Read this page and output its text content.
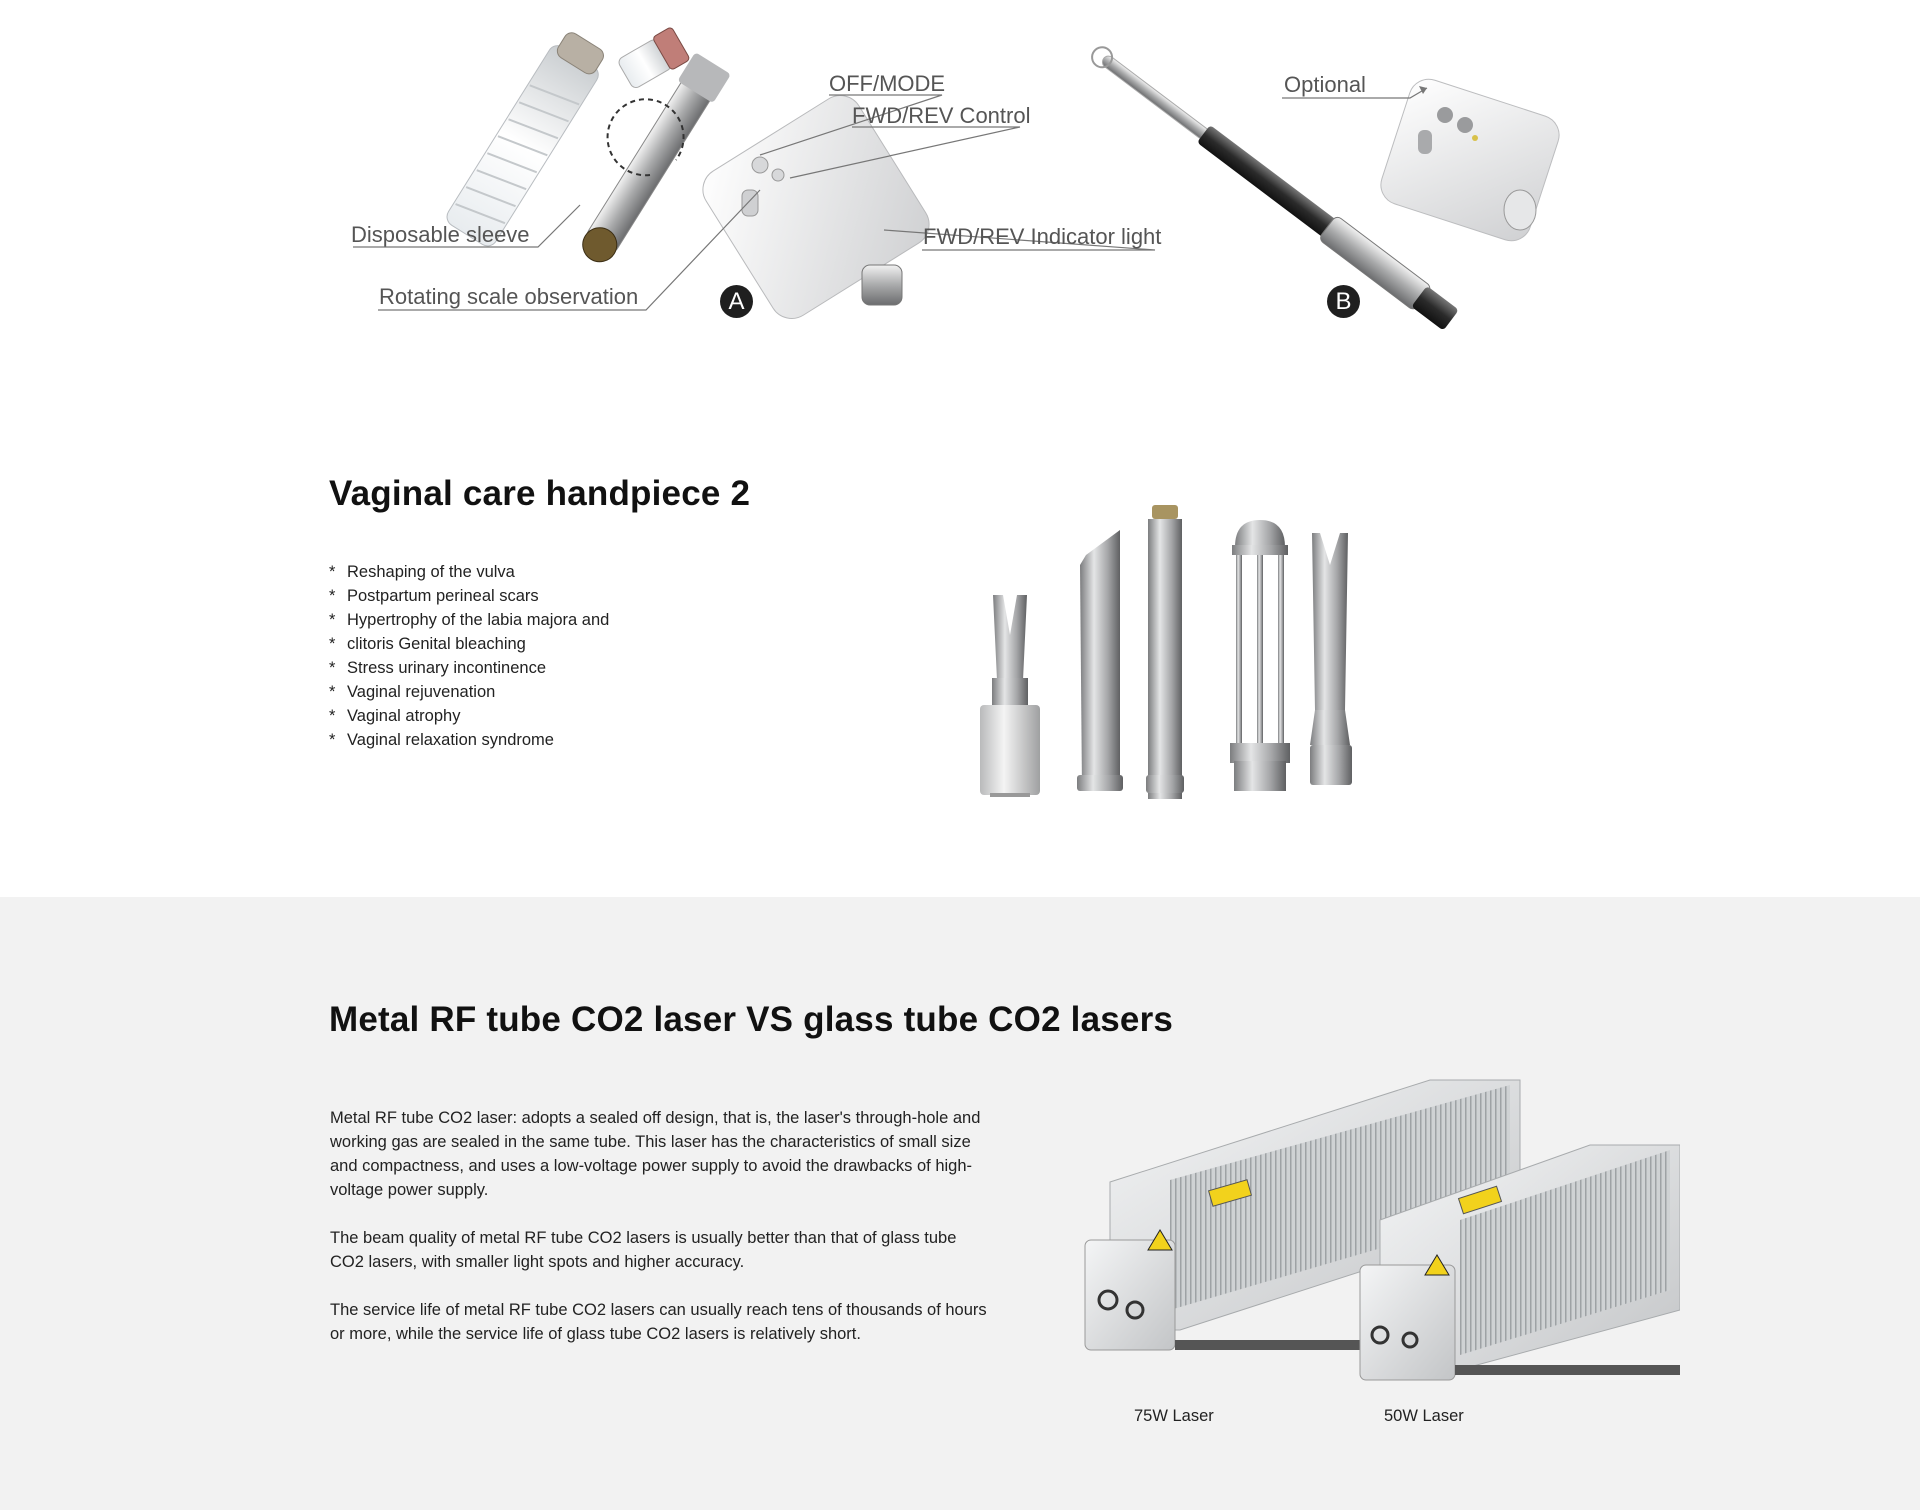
OFF/MODE
FWD/REV Control
Disposable sleeve	FWD/REV Indicator light
Rotating scale observation
Optional
A	B
Vaginal care handpiece 2
* Reshaping of the vulva
* Postpartum perineal scars
* Hypertrophy of the labia majora and
* clitoris Genital bleaching
* Stress urinary incontinence
* Vaginal rejuvenation
* Vaginal atrophy
* Vaginal relaxation syndrome
Metal RF tube CO2 laser VS glass tube CO2 lasers

Metal RF tube CO2 laser: adopts a sealed off design, that is, the laser's through-hole and working gas are sealed in the same tube. This laser has the characteristics of small size and compactness, and uses a low-voltage power supply to avoid the drawbacks of high-voltage power supply.

The beam quality of metal RF tube CO2 lasers is usually better than that of glass tube CO2 lasers, with smaller light spots and higher accuracy.

The service life of metal RF tube CO2 lasers can usually reach tens of thousands of hours or more, while the service life of glass tube CO2 lasers is relatively short.

75W Laser	50W Laser
